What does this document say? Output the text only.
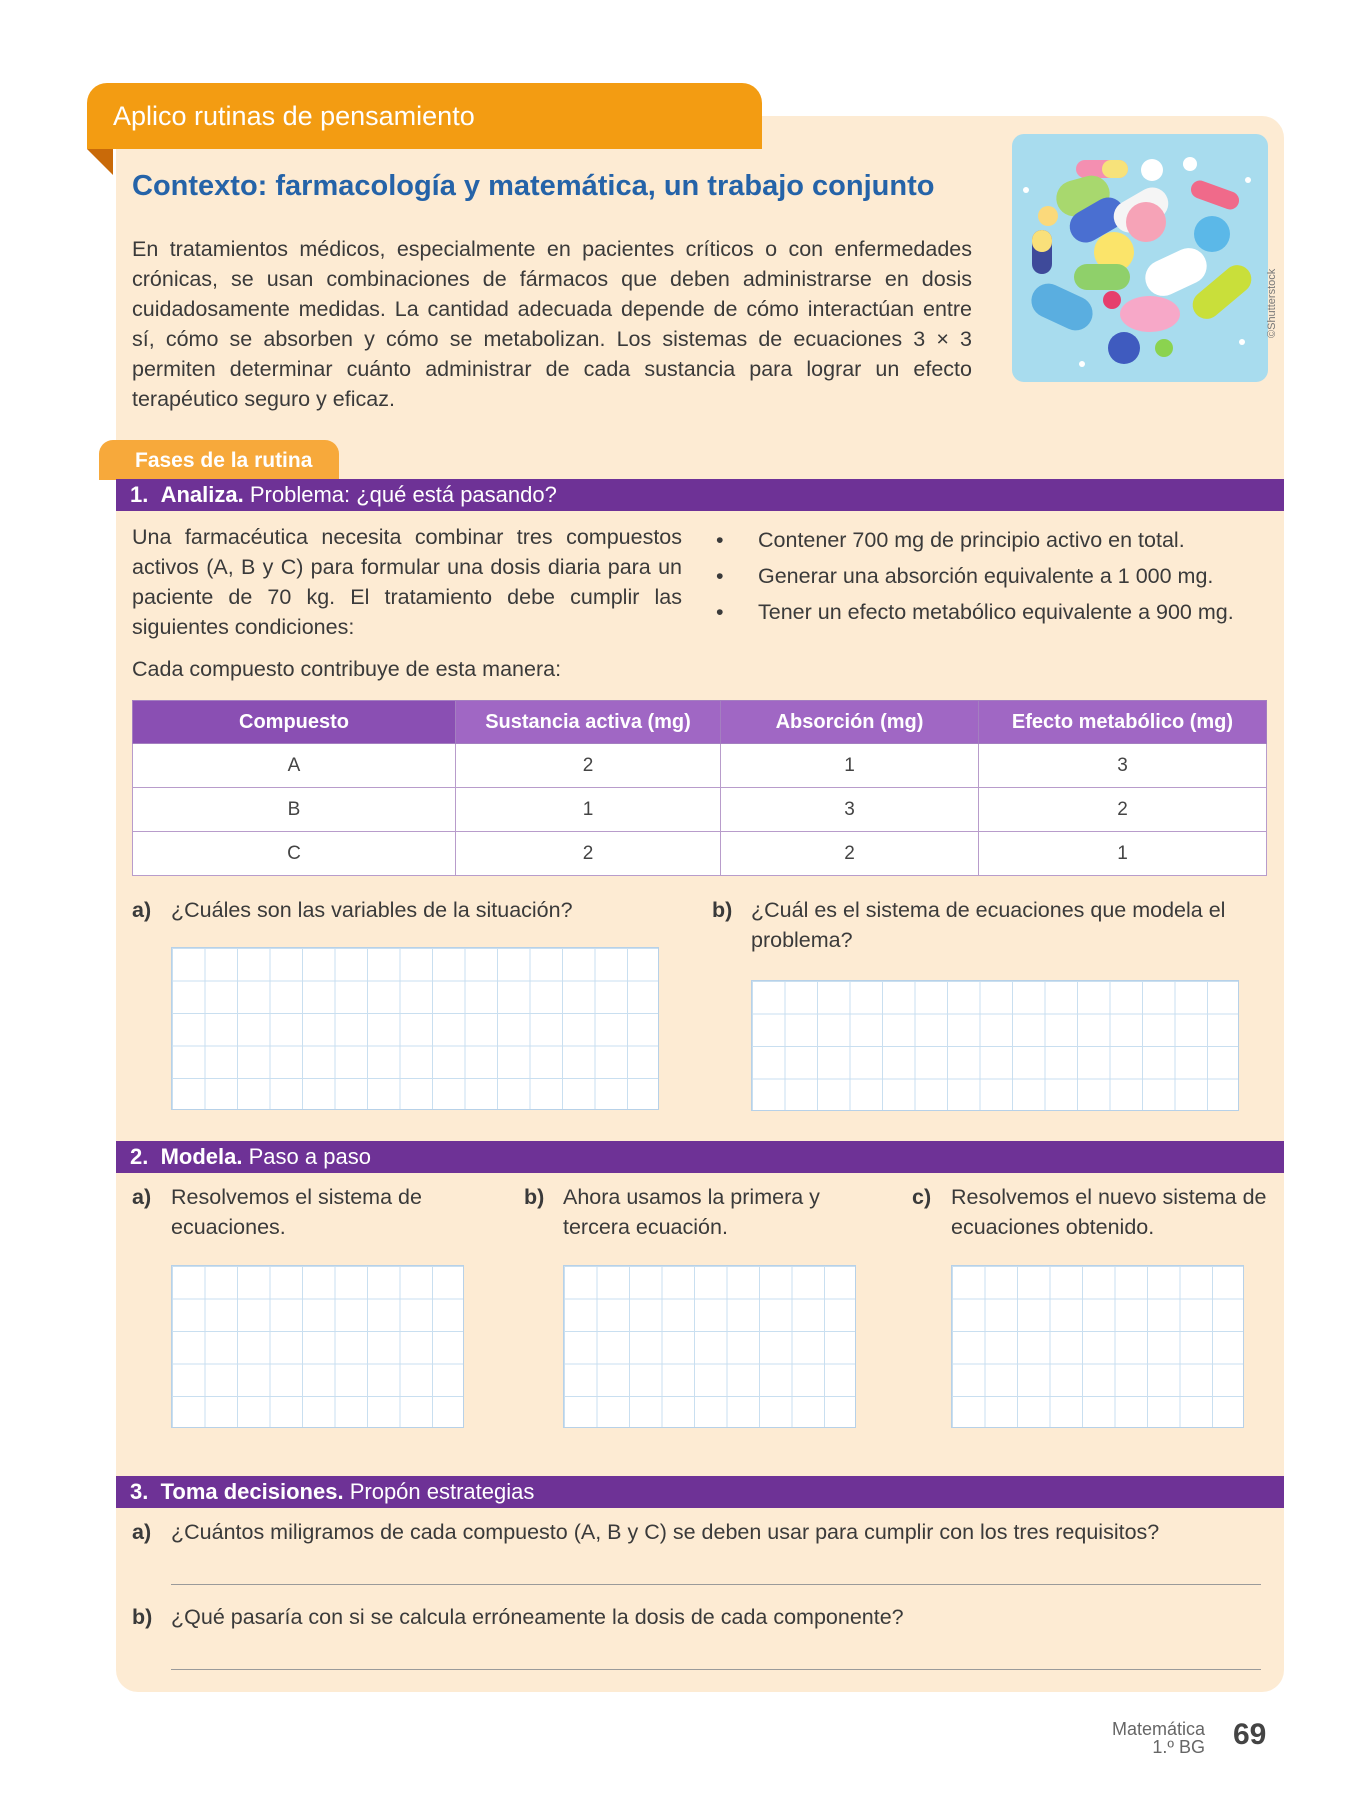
Aplico rutinas de pensamiento
Contexto: farmacología y matemática, un trabajo conjunto
En tratamientos médicos, especialmente en pacientes críticos o con enfermedades crónicas, se usan combinaciones de fármacos que deben administrarse en dosis cuidadosamente medidas. La cantidad adecuada depende de cómo interactúan entre sí, cómo se absorben y cómo se metabolizan. Los sistemas de ecuaciones 3 × 3 permiten determinar cuánto administrar de cada sustancia para lograr un efecto terapéutico seguro y eficaz.
©Shutterstock
Fases de la rutina
1. Analiza. Problema: ¿qué está pasando?
Una farmacéutica necesita combinar tres compuestos activos (A, B y C) para formular una dosis diaria para un paciente de 70 kg. El tratamiento debe cumplir las siguientes condiciones:
• Contener 700 mg de principio activo en total.
• Generar una absorción equivalente a 1 000 mg.
• Tener un efecto metabólico equivalente a 900 mg.
Cada compuesto contribuye de esta manera:
Compuesto	Sustancia activa (mg)	Absorción (mg)	Efecto metabólico (mg)
A	2	1	3
B	1	3	2
C	2	2	1
a) ¿Cuáles son las variables de la situación?	b) ¿Cuál es el sistema de ecuaciones que modela el problema?
2. Modela. Paso a paso
a) Resolvemos el sistema de ecuaciones.
b) Ahora usamos la primera y tercera ecuación.
c) Resolvemos el nuevo sistema de ecuaciones obtenido.
3. Toma decisiones. Propón estrategias
a) ¿Cuántos miligramos de cada compuesto (A, B y C) se deben usar para cumplir con los tres requisitos?
b) ¿Qué pasaría con si se calcula erróneamente la dosis de cada componente?
Matemática
1.º BG 69
